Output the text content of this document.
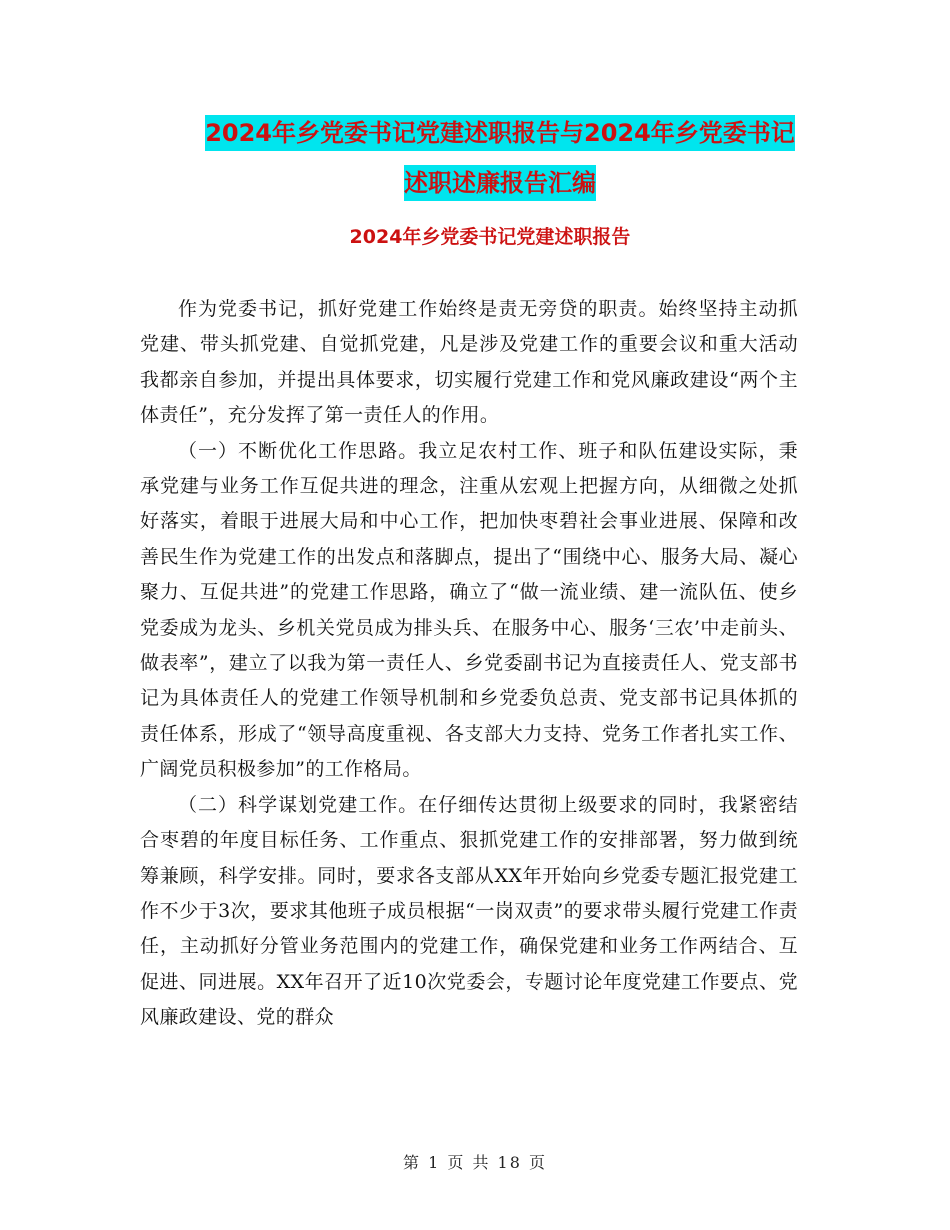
2024年乡党委书记党建述职报告与2024年乡党委书记
述职述廉报告汇编
2024年乡党委书记党建述职报告

作为党委书记，抓好党建工作始终是责无旁贷的职责。始终坚持主动抓党建、带头抓党建、自觉抓党建，凡是涉及党建工作的重要会议和重大活动我都亲自参加，并提出具体要求，切实履行党建工作和党风廉政建设“两个主体责任”，充分发挥了第一责任人的作用。

（一）不断优化工作思路。我立足农村工作、班子和队伍建设实际，秉承党建与业务工作互促共进的理念，注重从宏观上把握方向，从细微之处抓好落实，着眼于进展大局和中心工作，把加快枣碧社会事业进展、保障和改善民生作为党建工作的出发点和落脚点，提出了“围绕中心、服务大局、凝心聚力、互促共进”的党建工作思路，确立了“做一流业绩、建一流队伍、使乡党委成为龙头、乡机关党员成为排头兵、在服务中心、服务‘三农’中走前头、做表率”，建立了以我为第一责任人、乡党委副书记为直接责任人、党支部书记为具体责任人的党建工作领导机制和乡党委负总责、党支部书记具体抓的责任体系，形成了“领导高度重视、各支部大力支持、党务工作者扎实工作、广阔党员积极参加”的工作格局。

（二）科学谋划党建工作。在仔细传达贯彻上级要求的同时，我紧密结合枣碧的年度目标任务、工作重点、狠抓党建工作的安排部署，努力做到统筹兼顾，科学安排。同时，要求各支部从XX年开始向乡党委专题汇报党建工作不少于3次，要求其他班子成员根据“一岗双责”的要求带头履行党建工作责任，主动抓好分管业务范围内的党建工作，确保党建和业务工作两结合、互促进、同进展。XX年召开了近10次党委会，专题讨论年度党建工作要点、党风廉政建设、党的群众

第 1 页 共 18 页
